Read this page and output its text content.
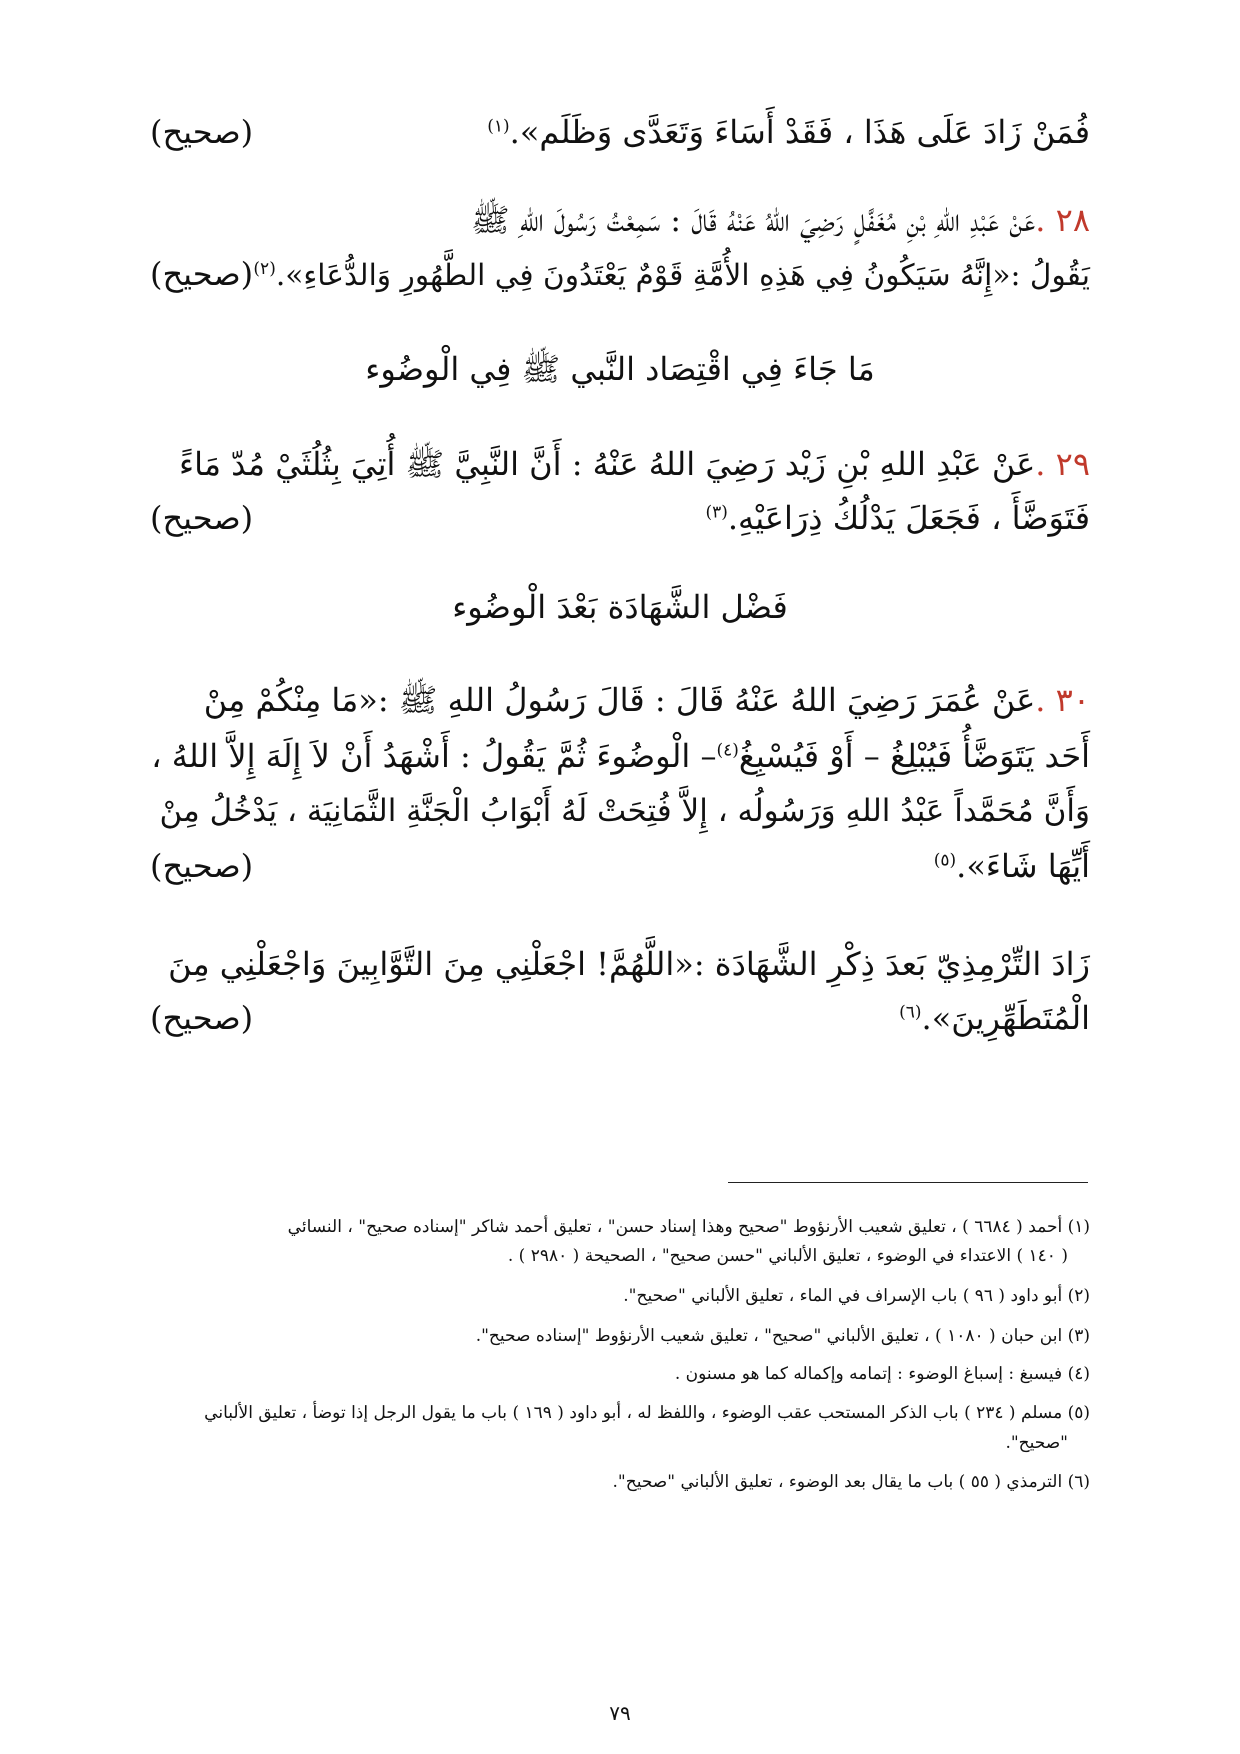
فُمَنْ زَادَ عَلَى هَذَا ، فَقَدْ أَسَاءَ وَتَعَدَّى وَظَلَم».$^{(١)}$
(صحيح)
٢٨ .
عَنْ عَبْدِ اللهِ بْنِ مُغَفَّلٍ رَضِيَ اللهُ عَنْهُ قَالَ : سَمِعْتُ رَسُولَ اللهِ ﷺ
يَقُولُ :«إِنَّهُ سَيَكُونُ فِي هَذِهِ الأُمَّةِ قَوْمٌ يَعْتَدُونَ فِي الطَّهُورِ وَالدُّعَاءِ».$^{(٢)}$
(صحيح)
مَا جَاءَ فِي اقْتِصَاد النَّبي ﷺ فِي الْوضُوء
٢٩ .
عَنْ عَبْدِ اللهِ بْنِ زَيْد رَضِيَ اللهُ عَنْهُ : أَنَّ النَّبِيَّ ﷺ أُتِيَ بِثُلُثَيْ مُدّ مَاءً
فَتَوَضَّأَ ، فَجَعَلَ يَدْلُكُ ذِرَاعَيْهِ.$^{(٣)}$
(صحيح)
فَضْل الشَّهَادَة بَعْدَ الْوضُوء
٣٠ .
عَنْ عُمَرَ رَضِيَ اللهُ عَنْهُ قَالَ : قَالَ رَسُولُ اللهِ ﷺ :«مَا مِنْكُمْ مِنْ
أَحَد يَتَوَضَّأُ فَيُبْلِغُ – أَوْ فَيُسْبِغُ$^{(٤)}$– الْوضُوءَ ثُمَّ يَقُولُ : أَشْهَدُ أَنْ لاَ إِلَهَ إِلاَّ اللهُ ،
وَأَنَّ مُحَمَّداً عَبْدُ اللهِ وَرَسُولُه ، إِلاَّ فُتِحَتْ لَهُ أَبْوَابُ الْجَنَّةِ الثَّمَانِيَة ، يَدْخُلُ مِنْ
أَيِّهَا شَاءَ».$^{(٥)}$
(صحيح)
زَادَ التِّرْمِذِيّ بَعدَ ذِكْرِ الشَّهَادَة :«اللَّهُمَّ! اجْعَلْنِي مِنَ التَّوَّابِينَ وَاجْعَلْنِي مِنَ
الْمُتَطَهِّرِينَ».$^{(٦)}$
(صحيح)
(١) أحمد ( ٦٦٨٤ ) ، تعليق شعيب الأرنؤوط "صحيح وهذا إسناد حسن" ، تعليق أحمد شاكر "إسناده صحيح" ، النسائي
( ١٤٠ ) الاعتداء في الوضوء ، تعليق الألباني "حسن صحيح" ، الصحيحة ( ٢٩٨٠ ) .
(٢) أبو داود ( ٩٦ ) باب الإسراف في الماء ، تعليق الألباني "صحيح".
(٣) ابن حبان ( ١٠٨٠ ) ، تعليق الألباني "صحيح" ، تعليق شعيب الأرنؤوط "إسناده صحيح".
(٤) فيسبغ : إسباغ الوضوء : إتمامه وإكماله كما هو مسنون .
(٥) مسلم ( ٢٣٤ ) باب الذكر المستحب عقب الوضوء ، واللفظ له ، أبو داود ( ١٦٩ ) باب ما يقول الرجل إذا توضأ ، تعليق الألباني
"صحيح".
(٦) الترمذي ( ٥٥ ) باب ما يقال بعد الوضوء ، تعليق الألباني "صحيح".
٧٩
